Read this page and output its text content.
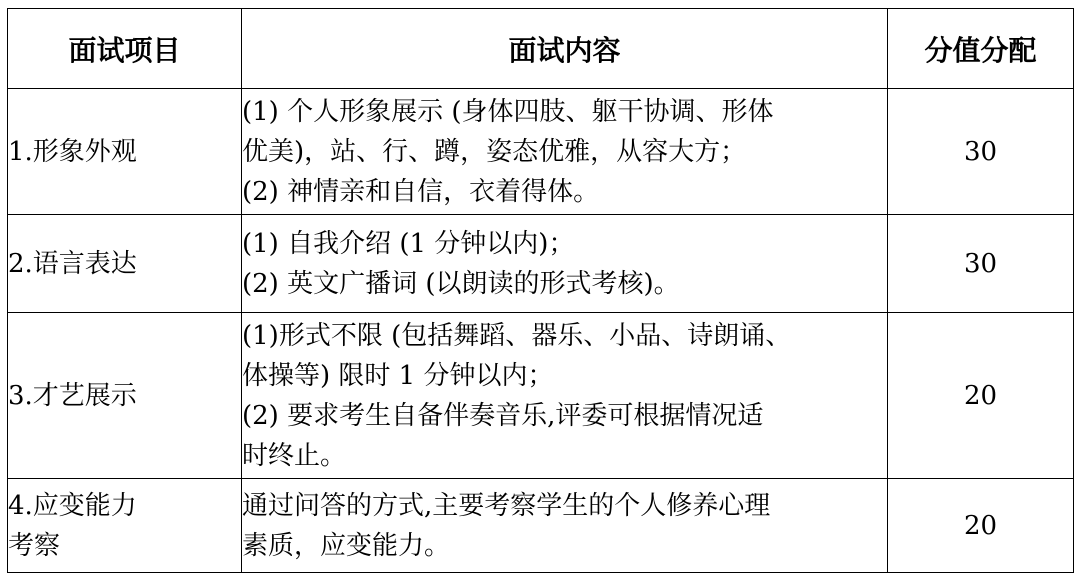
面试项目	面试内容	分值分配

1.形象外观	(1) 个人形象展示 (身体四肢、躯干协调、形体
优美)，站、行、蹲，姿态优雅，从容大方；
(2) 神情亲和自信，衣着得体。	30

2.语言表达	(1) 自我介绍 (1 分钟以内)；
(2) 英文广播词 (以朗读的形式考核)。	30

3.才艺展示	(1)形式不限 (包括舞蹈、器乐、小品、诗朗诵、
体操等) 限时 1 分钟以内；
(2) 要求考生自备伴奏音乐,评委可根据情况适
时终止。	20

4.应变能力
考察	通过问答的方式,主要考察学生的个人修养心理
素质，应变能力。	20
